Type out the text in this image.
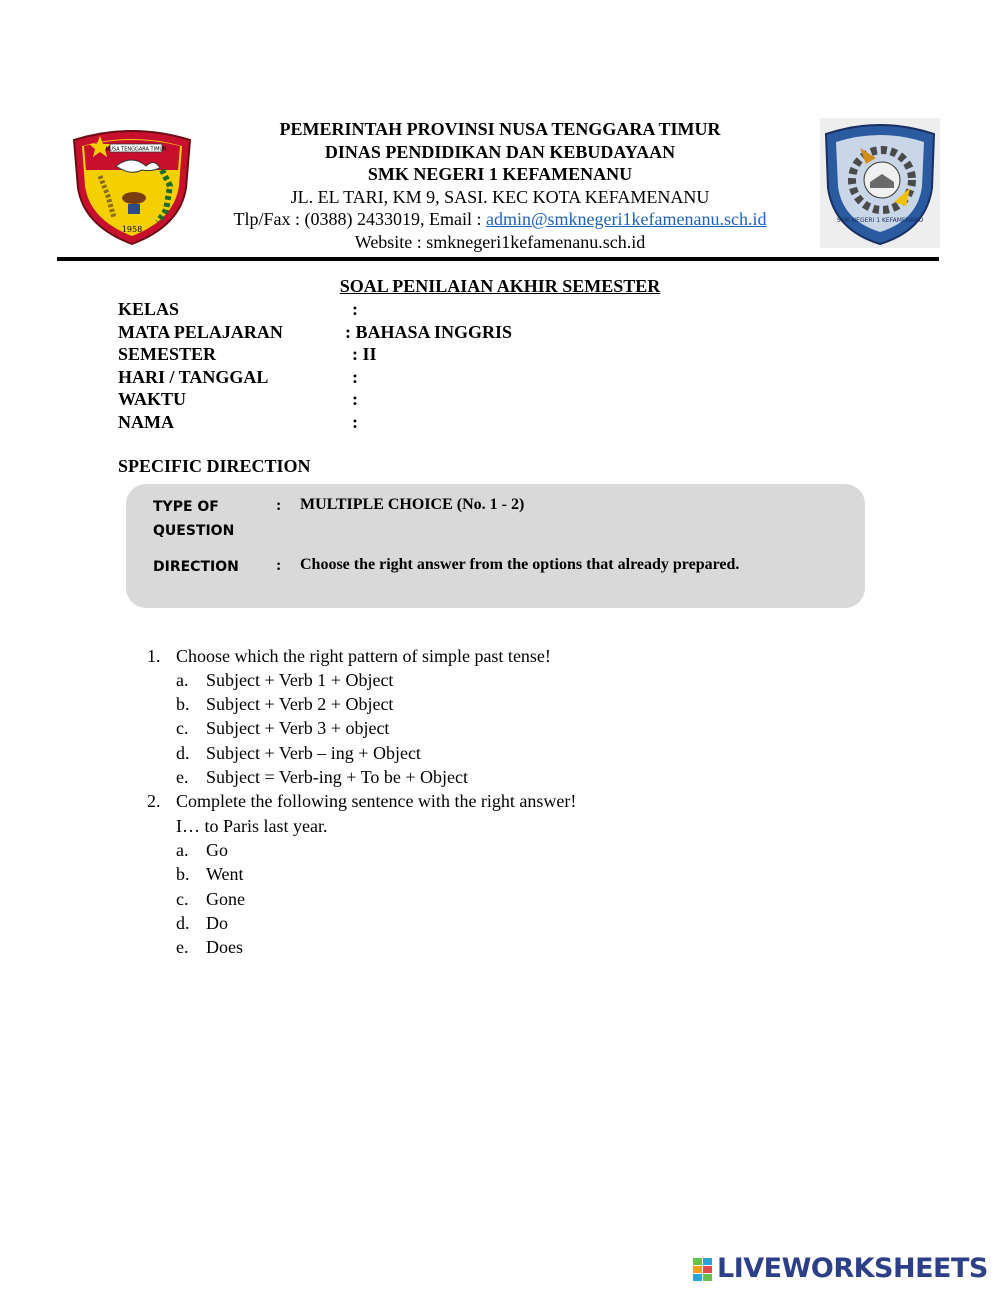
NUSA TENGGARA TIMUR
1958
SMK NEGERI 1 KEFAMENANU
PEMERINTAH PROVINSI NUSA TENGGARA TIMUR
DINAS PENDIDIKAN DAN KEBUDAYAAN
SMK NEGERI 1 KEFAMENANU
JL. EL TARI, KM 9, SASI. KEC KOTA KEFAMENANU
Tlp/Fax : (0388) 2433019, Email : admin@smknegeri1kefamenanu.sch.id
Website : smknegeri1kefamenanu.sch.id
SOAL PENILAIAN AKHIR SEMESTER
KELAS	:
MATA PELAJARAN	: BAHASA INGGRIS
SEMESTER	: II
HARI / TANGGAL	:
WAKTU	:
NAMA	:
SPECIFIC DIRECTION
TYPE OF
QUESTION
: MULTIPLE CHOICE (No. 1 - 2)
DIRECTION : Choose the right answer from the options that already prepared.
1. Choose which the right pattern of simple past tense!
a. Subject + Verb 1 + Object
b. Subject + Verb 2 + Object
c. Subject + Verb 3 + object
d. Subject + Verb – ing + Object
e. Subject = Verb-ing + To be + Object
2. Complete the following sentence with the right answer!
I… to Paris last year.
a. Go
b. Went
c. Gone
d. Do
e. Does
LIVEWORKSHEETS
